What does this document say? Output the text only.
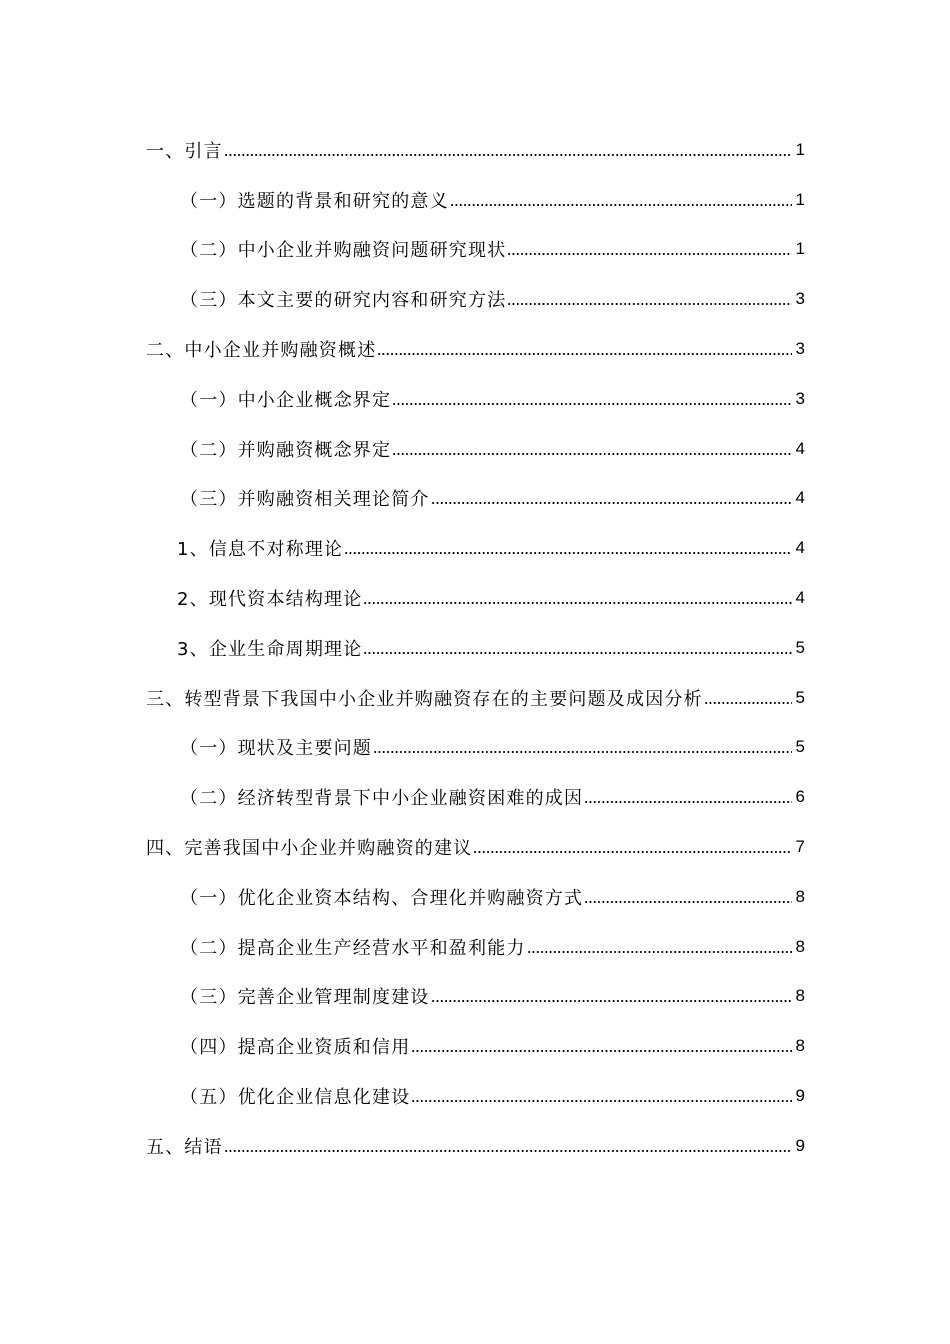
一、引言	1
（一）选题的背景和研究的意义	1
（二）中小企业并购融资问题研究现状	1
（三）本文主要的研究内容和研究方法	3
二、中小企业并购融资概述	3
（一）中小企业概念界定	3
（二）并购融资概念界定	4
（三）并购融资相关理论简介	4
1、信息不对称理论	4
2、现代资本结构理论	4
3、企业生命周期理论	5
三、转型背景下我国中小企业并购融资存在的主要问题及成因分析	5
（一）现状及主要问题	5
（二）经济转型背景下中小企业融资困难的成因	6
四、完善我国中小企业并购融资的建议	7
（一）优化企业资本结构、合理化并购融资方式	8
（二）提高企业生产经营水平和盈利能力	8
（三）完善企业管理制度建设	8
（四）提高企业资质和信用	8
（五）优化企业信息化建设	9
五、结语	9
